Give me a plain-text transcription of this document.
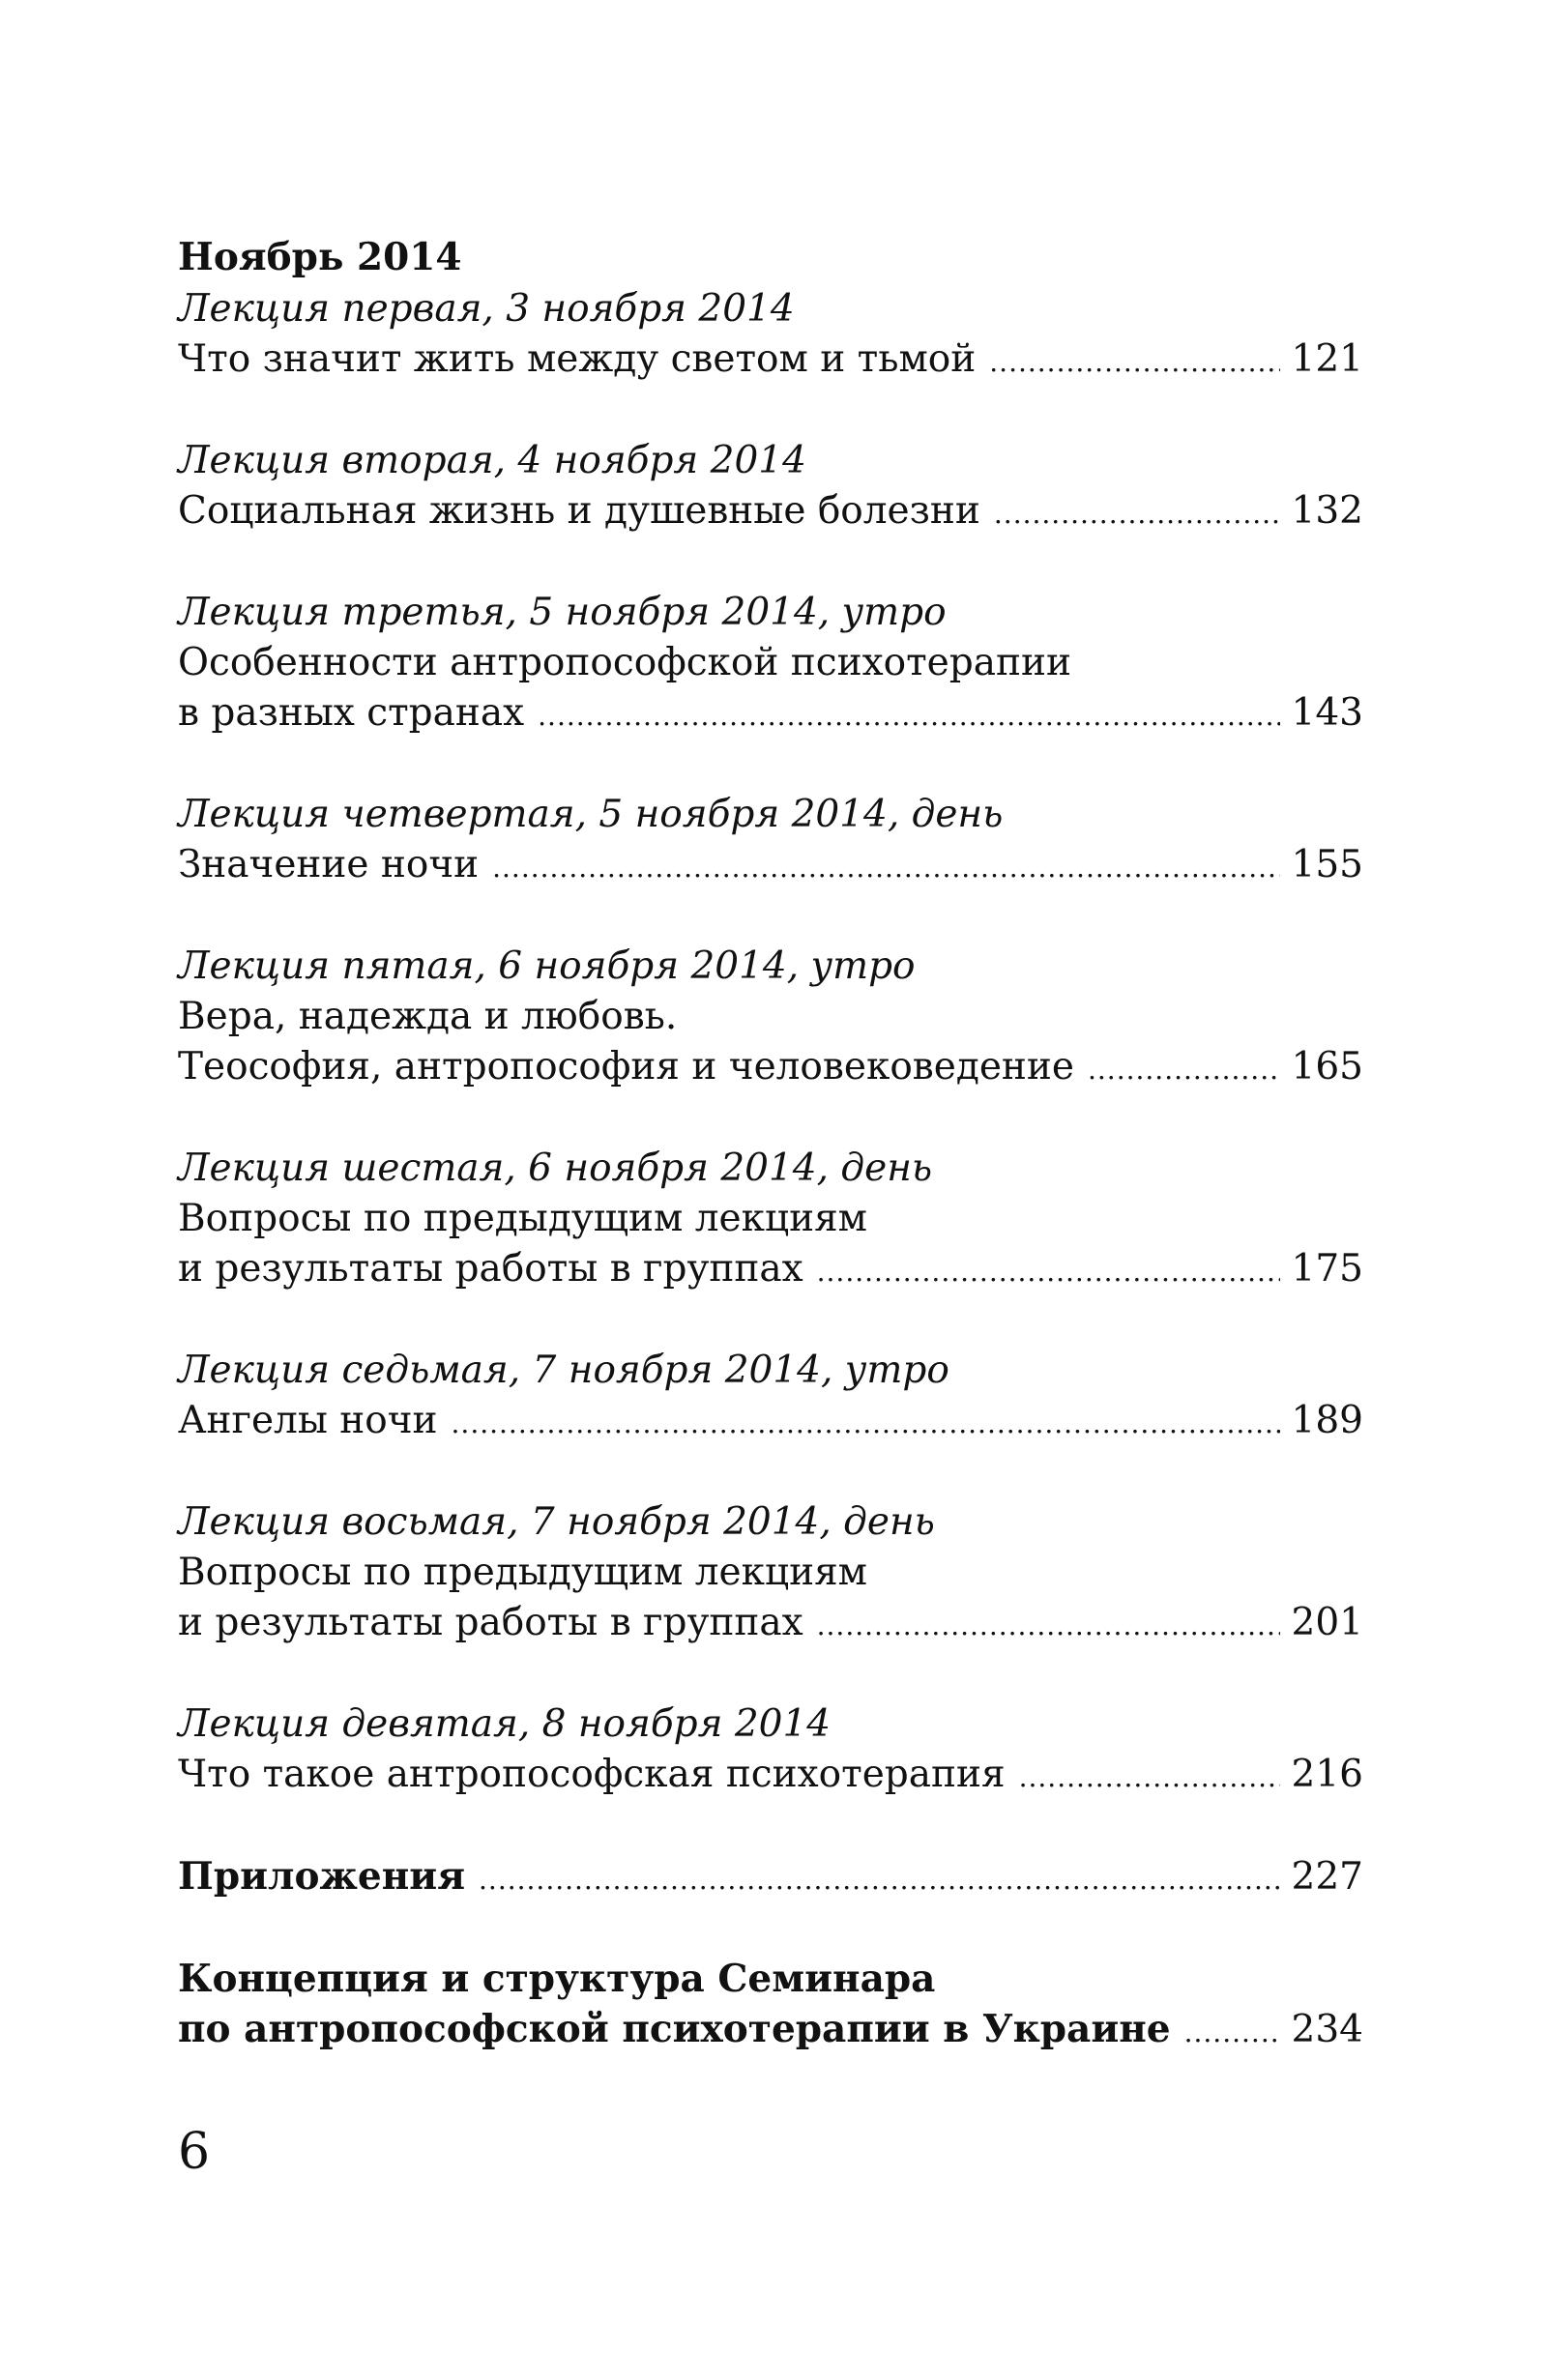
Ноябрь 2014
Лекция первая, 3 ноября 2014
Что значит жить между светом и тьмой .....	121
Лекция вторая, 4 ноября 2014
Социальная жизнь и душевные болезни .....	132
Лекция третья, 5 ноября 2014, утро
Особенности антропософской психотерапии
в разных странах .....	143
Лекция четвертая, 5 ноября 2014, день
Значение ночи .....	155
Лекция пятая, 6 ноября 2014, утро
Вера, надежда и любовь.
Теософия, антропософия и человековедение .....	165
Лекция шестая, 6 ноября 2014, день
Вопросы по предыдущим лекциям
и результаты работы в группах .....	175
Лекция седьмая, 7 ноября 2014, утро
Ангелы ночи .....	189
Лекция восьмая, 7 ноября 2014, день
Вопросы по предыдущим лекциям
и результаты работы в группах .....	201
Лекция девятая, 8 ноября 2014
Что такое антропософская психотерапия .....	216
Приложения .....	227
Концепция и структура Семинара
по антропософской психотерапии в Украине .....	234
6
